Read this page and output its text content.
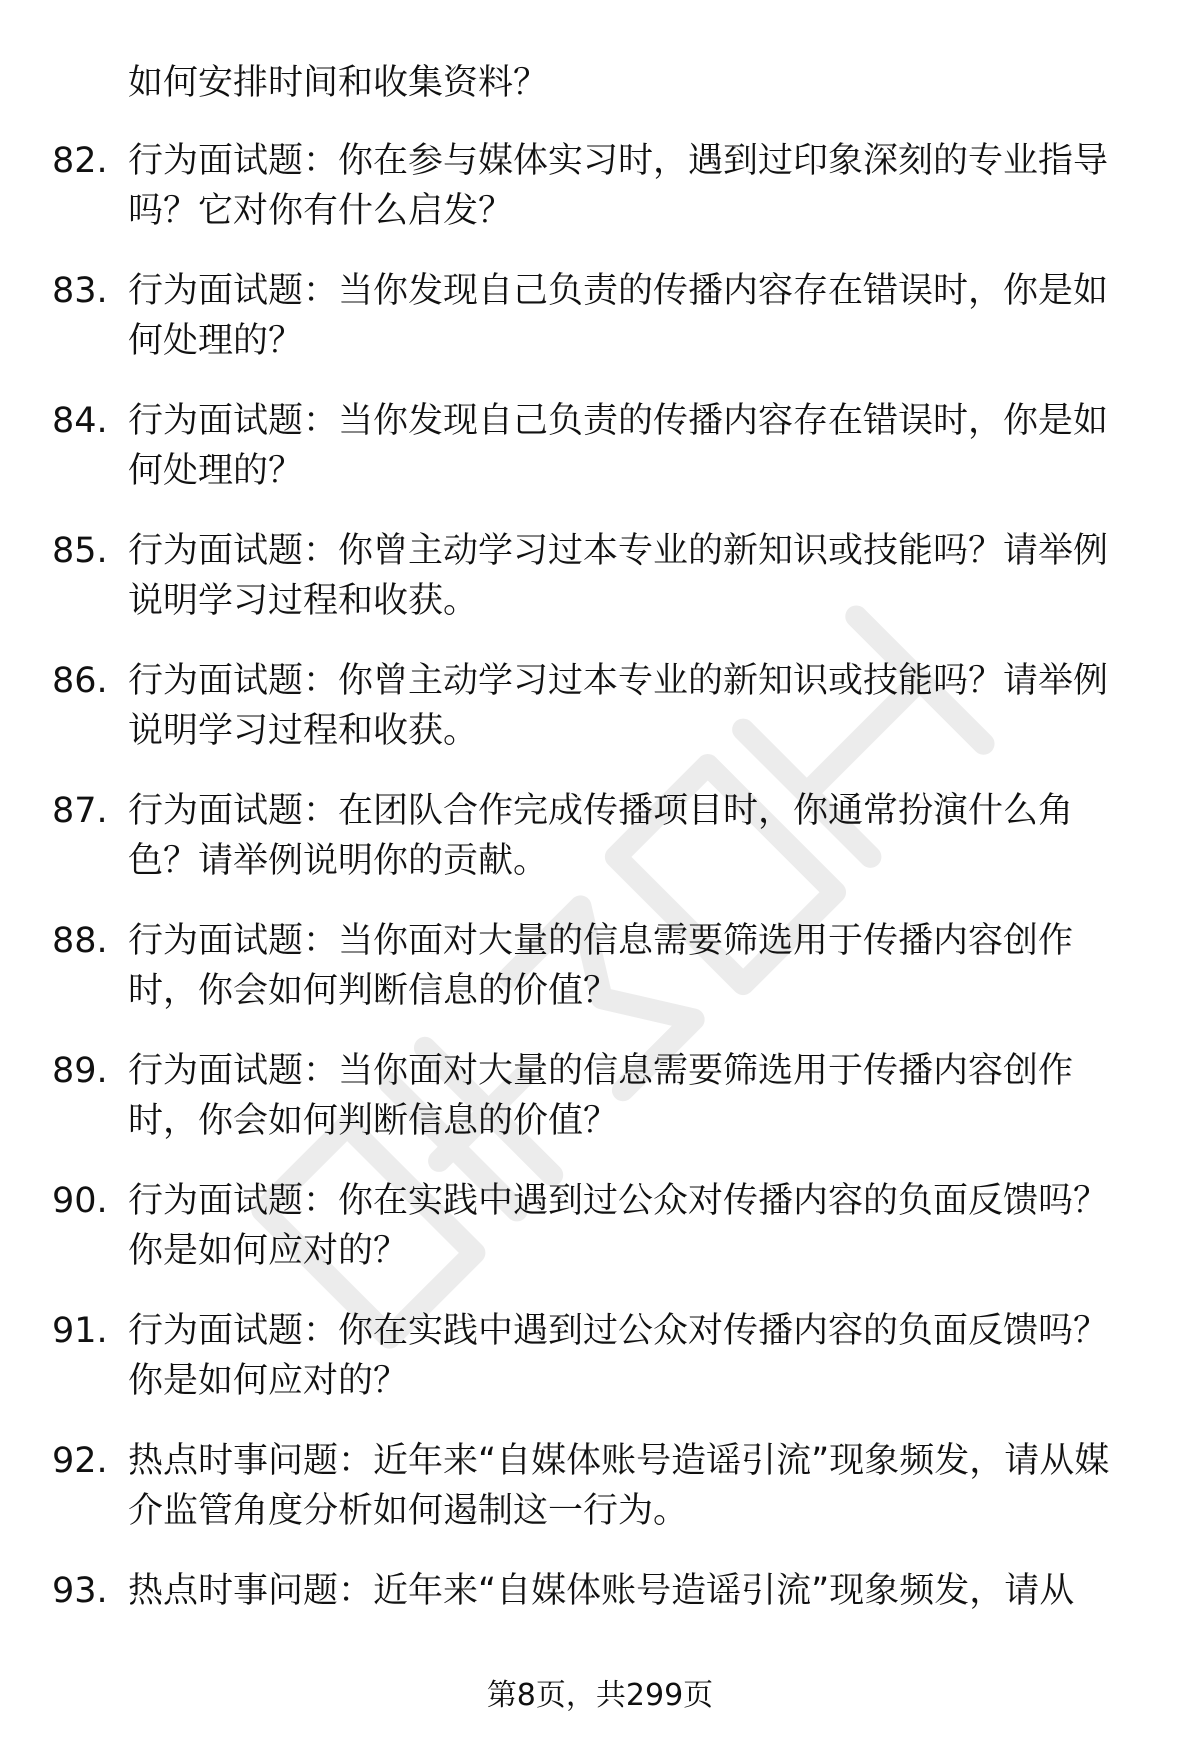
如何安排时间和收集资料？
82. 行为面试题：你在参与媒体实习时，遇到过印象深刻的专业指导吗？它对你有什么启发？
83. 行为面试题：当你发现自己负责的传播内容存在错误时，你是如何处理的？
84. 行为面试题：当你发现自己负责的传播内容存在错误时，你是如何处理的？
85. 行为面试题：你曾主动学习过本专业的新知识或技能吗？请举例说明学习过程和收获。
86. 行为面试题：你曾主动学习过本专业的新知识或技能吗？请举例说明学习过程和收获。
87. 行为面试题：在团队合作完成传播项目时，你通常扮演什么角色？请举例说明你的贡献。
88. 行为面试题：当你面对大量的信息需要筛选用于传播内容创作时，你会如何判断信息的价值？
89. 行为面试题：当你面对大量的信息需要筛选用于传播内容创作时，你会如何判断信息的价值？
90. 行为面试题：你在实践中遇到过公众对传播内容的负面反馈吗？你是如何应对的？
91. 行为面试题：你在实践中遇到过公众对传播内容的负面反馈吗？你是如何应对的？
92. 热点时事问题：近年来“自媒体账号造谣引流”现象频发，请从媒介监管角度分析如何遏制这一行为。
93. 热点时事问题：近年来“自媒体账号造谣引流”现象频发，请从
第8页，共299页
